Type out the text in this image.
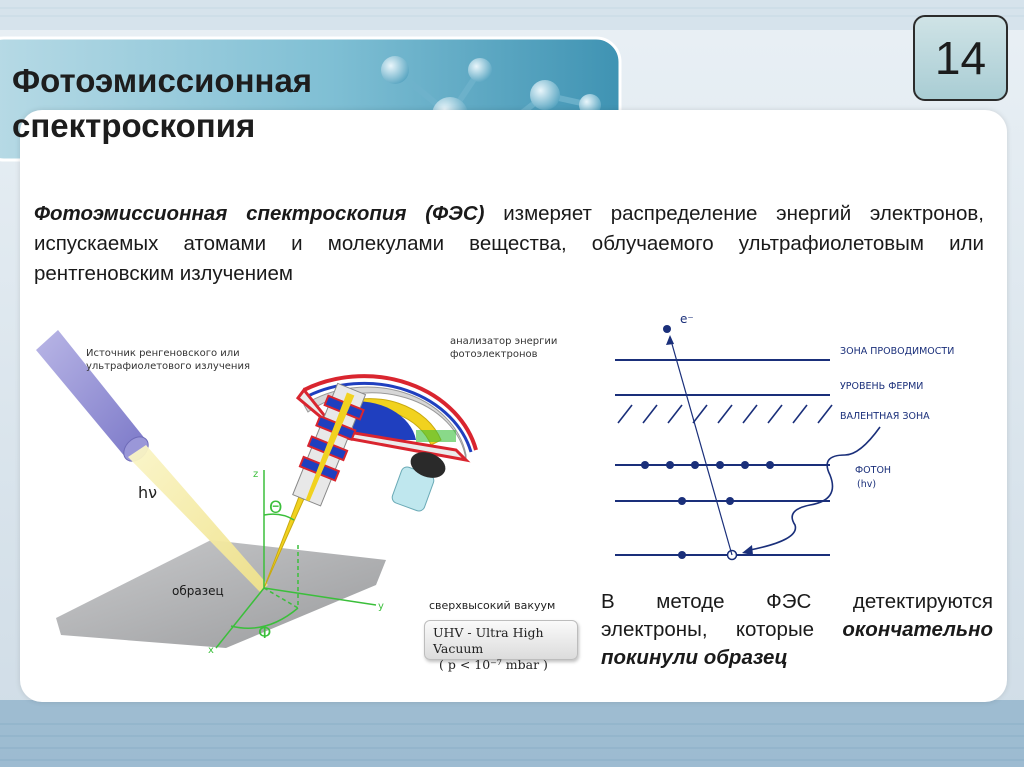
Фотоэмиссионная спектроскопия
14

Фотоэмиссионная спектроскопия (ФЭС) измеряет распределение энергий электронов, испускаемых атомами и молекулами вещества, облучаемого ультрафиолетовым или рентгеновским излучением

z
y
x
Θ
Φ
hν
образец
Источник ренгеновского или
ультрафиолетового излучения
анализатор энергии
фотоэлектронов
сверхвысокий вакуум
UHV - Ultra High Vacuum
( p < 10⁻⁷ mbar )
e⁻
ЗОНА ПРОВОДИМОСТИ
УРОВЕНЬ ФЕРМИ
ВАЛЕНТНАЯ ЗОНА
ФОТОН
(hv)

В методе ФЭС детектируются электроны, которые окончательно покинули образец
